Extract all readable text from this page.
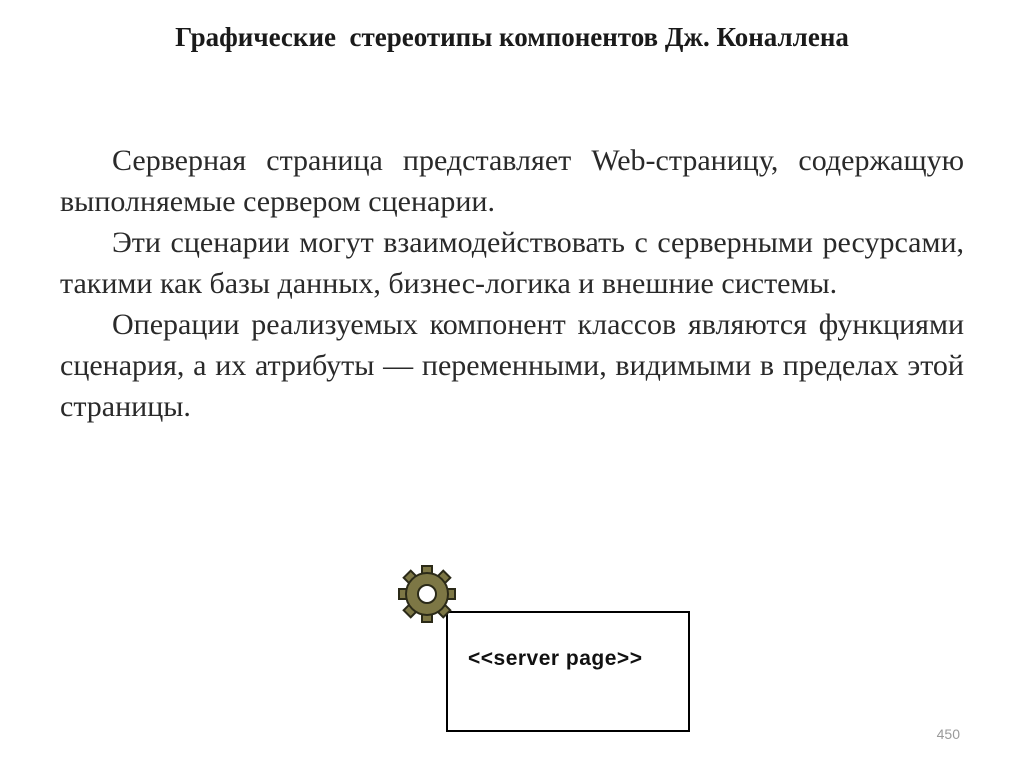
Графические  стереотипы компонентов Дж. Коналлена

Серверная страница представляет Web-страницу, содержащую выполняемые сервером сценарии.

Эти сценарии могут взаимодействовать с серверными ресурсами, такими как базы данных, бизнес-логика и внешние системы.

Операции реализуемых компонент классов являются функциями сценария, а их атрибуты — переменными, видимыми в пределах этой страницы.

<<server page>>
450
